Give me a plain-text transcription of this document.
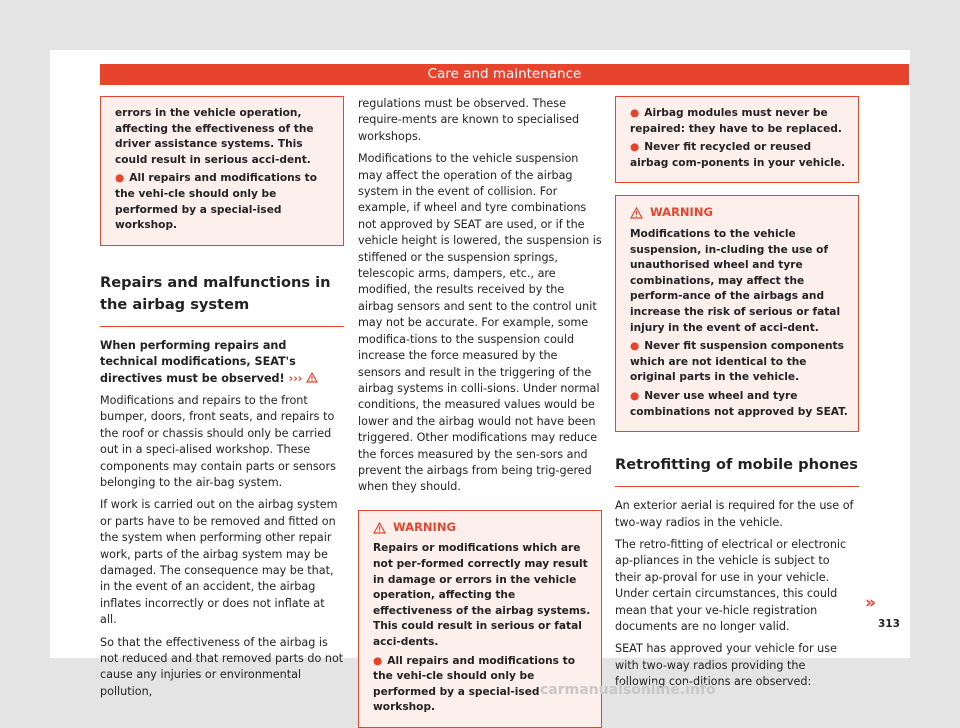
Care and maintenance

errors in the vehicle operation, affecting the effectiveness of the driver assistance systems. This could result in serious acci-dent.

● All repairs and modifications to the vehi-cle should only be performed by a special-ised workshop.

Repairs and malfunctions in the airbag system

When performing repairs and technical modifications, SEAT's directives must be observed! ›››

Modifications and repairs to the front bumper, doors, front seats, and repairs to the roof or chassis should only be carried out in a speci-alised workshop. These components may contain parts or sensors belonging to the air-bag system.

If work is carried out on the airbag system or parts have to be removed and fitted on the system when performing other repair work, parts of the airbag system may be damaged. The consequence may be that, in the event of an accident, the airbag inflates incorrectly or does not inflate at all.

So that the effectiveness of the airbag is not reduced and that removed parts do not cause any injuries or environmental pollution,

regulations must be observed. These require-ments are known to specialised workshops.

Modifications to the vehicle suspension may affect the operation of the airbag system in the event of collision. For example, if wheel and tyre combinations not approved by SEAT are used, or if the vehicle height is lowered, the suspension is stiffened or the suspension springs, telescopic arms, dampers, etc., are modified, the results received by the airbag sensors and sent to the control unit may not be accurate. For example, some modifica-tions to the suspension could increase the force measured by the sensors and result in the triggering of the airbag systems in colli-sions. Under normal conditions, the measured values would be lower and the airbag would not have been triggered. Other modifications may reduce the forces measured by the sen-sors and prevent the airbags from being trig-gered when they should.

WARNING

Repairs or modifications which are not per-formed correctly may result in damage or errors in the vehicle operation, affecting the effectiveness of the airbag systems. This could result in serious or fatal acci-dents.

● All repairs and modifications to the vehi-cle should only be performed by a special-ised workshop.

● Airbag modules must never be repaired: they have to be replaced.

● Never fit recycled or reused airbag com-ponents in your vehicle.

WARNING

Modifications to the vehicle suspension, in-cluding the use of unauthorised wheel and tyre combinations, may affect the perform-ance of the airbags and increase the risk of serious or fatal injury in the event of acci-dent.

● Never fit suspension components which are not identical to the original parts in the vehicle.

● Never use wheel and tyre combinations not approved by SEAT.

Retrofitting of mobile phones

An exterior aerial is required for the use of two-way radios in the vehicle.

The retro-fitting of electrical or electronic ap-pliances in the vehicle is subject to their ap-proval for use in your vehicle. Under certain circumstances, this could mean that your ve-hicle registration documents are no longer valid.

SEAT has approved your vehicle for use with two-way radios providing the following con-ditions are observed:

»
313
carmanualsonline.info
